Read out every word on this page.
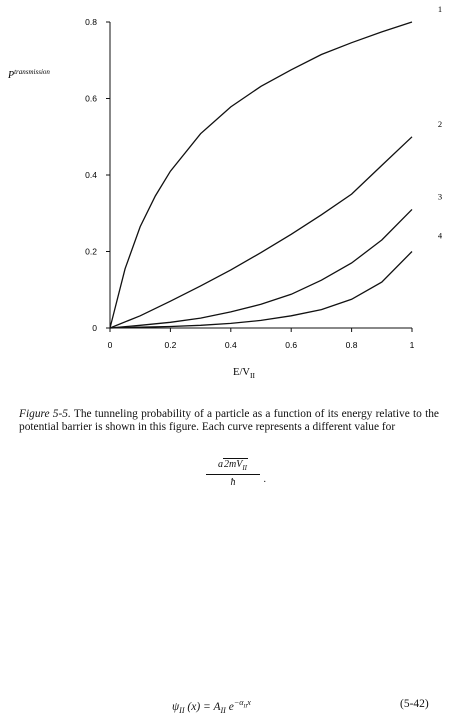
0
0.2
0.4
0.6
0.8
0	0.2	0.4	0.6	0.8	1
1
2
3
4
$P^{transmission}$
$E/V_{II}$
Figure 5-5. The tunneling probability of a particle as a function of its energy relative to the potential barrier is shown in this figure. Each curve represents a different value for
$a2mV_{II}$
ħ	.
$\psi_{II}$ $(x) = A_{II}$ $e^{-\alpha_{II}x}$	(5-42)
